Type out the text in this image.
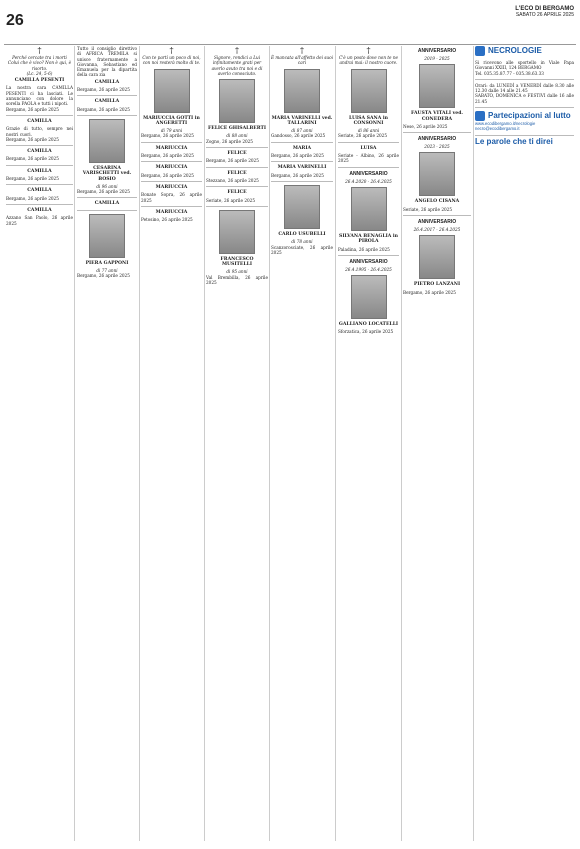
26
L'ECO DI BERGAMO
SABATO 26 APRILE 2025
†

Perché cercate tra i morti Colui che è vivo? Non è qui, è risorto.

(Lc. 24, 5-6)

CAMILLA PESENTI

La nostra cara CAMILLA PESENTI ci ha lasciati. Le annunciano con dolore la sorella PAOLA e tutti i nipoti.

Bergamo, 26 aprile 2025

CAMILLA

Grazie di tutto, sempre nei nostri cuori.

Bergamo, 26 aprile 2025

CAMILLA

Bergamo, 26 aprile 2025

CAMILLA

Bergamo, 26 aprile 2025

CAMILLA

Bergamo, 26 aprile 2025

CAMILLA

Azzano San Paolo, 26 aprile 2025

Tutto il consiglio direttivo di AFRICA TREMILA si unisce fraternamente a Giovanna, Sebastiano ed Emanuela per la dipartita della cara zia

CAMILLA

Bergamo, 26 aprile 2025

CAMILLA

Bergamo, 26 aprile 2025

CESARINA VARISCHETTI ved. BOSIO

di 96 anni

Bergamo, 26 aprile 2025

CAMILLA
PIERA GAPPONI

di 77 anni

Bergamo, 26 aprile 2025

†

Con te partì un poco di noi, con noi resterà molto di te.

MARIUCCIA GOTTI in ANGERETTI

di 79 anni

Bergamo, 26 aprile 2025

MARIUCCIA

Bergamo, 26 aprile 2025

MARIUCCIA

Bergamo, 26 aprile 2025

MARIUCCIA

Bonate Sopra, 26 aprile 2025

MARIUCCIA

Petosino, 26 aprile 2025

†

Signore, rendici a Lui infinitamente grati per averlo avuto tra noi e di averlo conosciuto.

FELICE GHISALBERTI

di 88 anni

Zogno, 26 aprile 2025

FELICE

Bergamo, 26 aprile 2025

FELICE

Stezzano, 26 aprile 2025

FELICE

Seriate, 26 aprile 2025

FRANCESCO MUSITELLI

di 95 anni

Val Brembilla, 26 aprile 2025

†

È mancata all'affetto dei suoi cari

MARIA VARINELLI ved. TALLARINI

di 87 anni

Gandosso, 26 aprile 2025

MARIA

Bergamo, 26 aprile 2025

MARIA VARINELLI

Bergamo, 26 aprile 2025

CARLO USUBELLI

di 78 anni

Scanzorosciate, 26 aprile 2025

†

C'è un posto dove non te ne andrai mai: il nostro cuore.

LUISA SANA in CONSONNI

di 86 anni

Seriate, 26 aprile 2025

LUISA

Seriate - Albino, 26 aprile 2025

ANNIVERSARIO

26.4.2020 - 26.4.2025

SILVANA BENAGLIA in PIROLA

Paladina, 26 aprile 2025

ANNIVERSARIO

26.4.1995 - 26.4.2025

GALLIANO LOCATELLI

Sforzatica, 26 aprile 2025

ANNIVERSARIO

2019 - 2025

FAUSTA VITALI ved. CONEDERA

Nese, 26 aprile 2025

ANNIVERSARIO

2023 - 2025

ANGELO CISANA

Seriate, 26 aprile 2025

ANNIVERSARIO

26.4.2017 - 26.4.2025

PIETRO LANZANI

Bergamo, 26 aprile 2025

NECROLOGIE

Si ricevono alle sportello in Viale Papa Giovanni XXIII, 124 BERGAMO

Tel. 035.35.87.77 - 035.38.63.33

Orari: da LUNEDÌ a VENERDÌ dalle 8.30 alle 12.30 dalle 14 alle 21.45

SABATO, DOMENICA e FESTIVI dalle 16 alle 21.45

Partecipazioni al lutto

www.ecodibergamo.it/necrologie

necro@ecodibergamo.it

Le parole che ti direi
